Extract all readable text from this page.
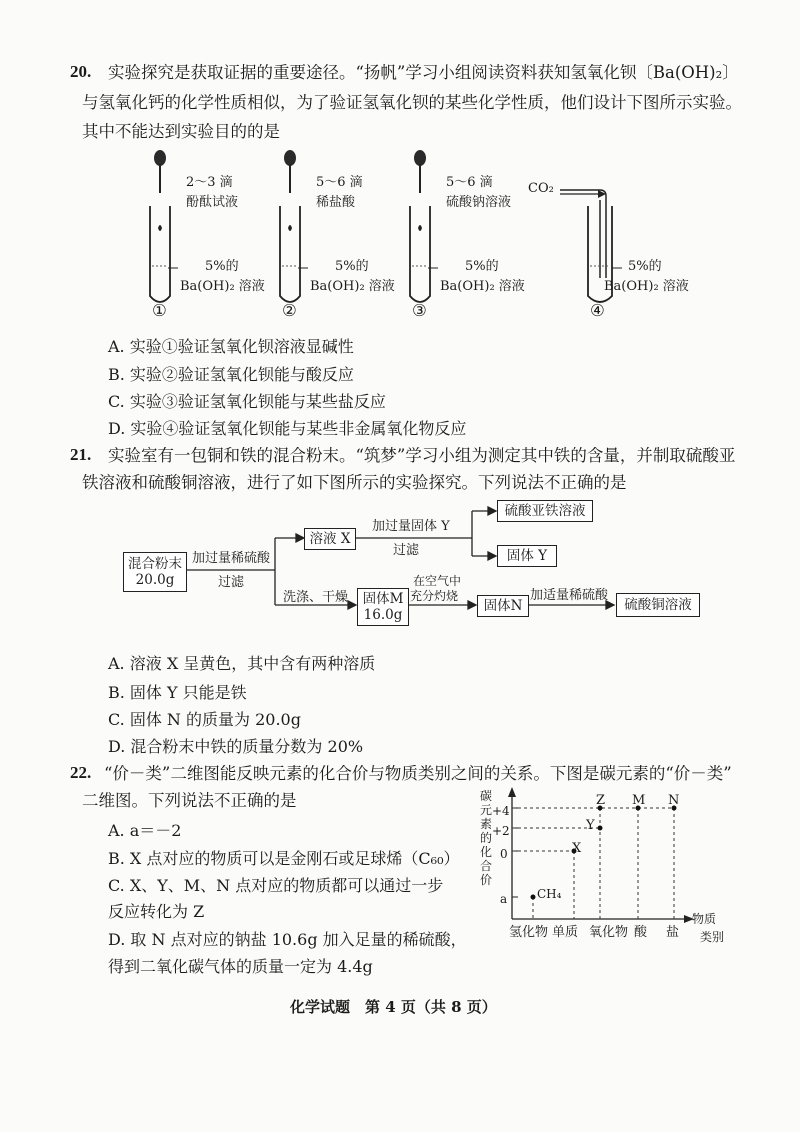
20. 实验探究是获取证据的重要途径。“扬帆”学习小组阅读资料获知氢氧化钡〔Ba(OH)₂〕
与氢氧化钙的化学性质相似，为了验证氢氧化钡的某些化学性质，他们设计下图所示实验。
其中不能达到实验目的的是
2～3 滴
酚酞试液
5%的
Ba(OH)₂ 溶液
①
5～6 滴
稀盐酸
5%的
Ba(OH)₂ 溶液
②
5～6 滴
硫酸钠溶液
5%的
Ba(OH)₂ 溶液
③
CO₂
5%的
Ba(OH)₂ 溶液
④
A. 实验①验证氢氧化钡溶液显碱性
B. 实验②验证氢氧化钡能与酸反应
C. 实验③验证氢氧化钡能与某些盐反应
D. 实验④验证氢氧化钡能与某些非金属氧化物反应
21. 实验室有一包铜和铁的混合粉末。“筑梦”学习小组为测定其中铁的含量，并制取硫酸亚
铁溶液和硫酸铜溶液，进行了如下图所示的实验探究。下列说法不正确的是
混合粉末
20.0g
加过量稀硫酸
过滤
溶液 X
加过量固体 Y
过滤
硫酸亚铁溶液
固体 Y
洗涤、干燥 固体M
16.0g
在空气中
充分灼烧
固体N
加适量稀硫酸
硫酸铜溶液
A. 溶液 X 呈黄色，其中含有两种溶质
B. 固体 Y 只能是铁
C. 固体 N 的质量为 20.0g
D. 混合粉末中铁的质量分数为 20%
22. “价－类”二维图能反映元素的化合价与物质类别之间的关系。下图是碳元素的“价－类”
二维图。下列说法不正确的是
A. a＝－2
B. X 点对应的物质可以是金刚石或足球烯（C₆₀）
C. X、Y、M、N 点对应的物质都可以通过一步
反应转化为 Z
D. 取 N 点对应的钠盐 10.6g 加入足量的稀硫酸，
得到二氧化碳气体的质量一定为 4.4g
碳
元
素
的
化
合
价
+4
+2
0
a
Z M N
Y
X
CH₄
物质
类别
氢化物 单质 氧化物 酸 盐
化学试题　第 4 页（共 8 页）
